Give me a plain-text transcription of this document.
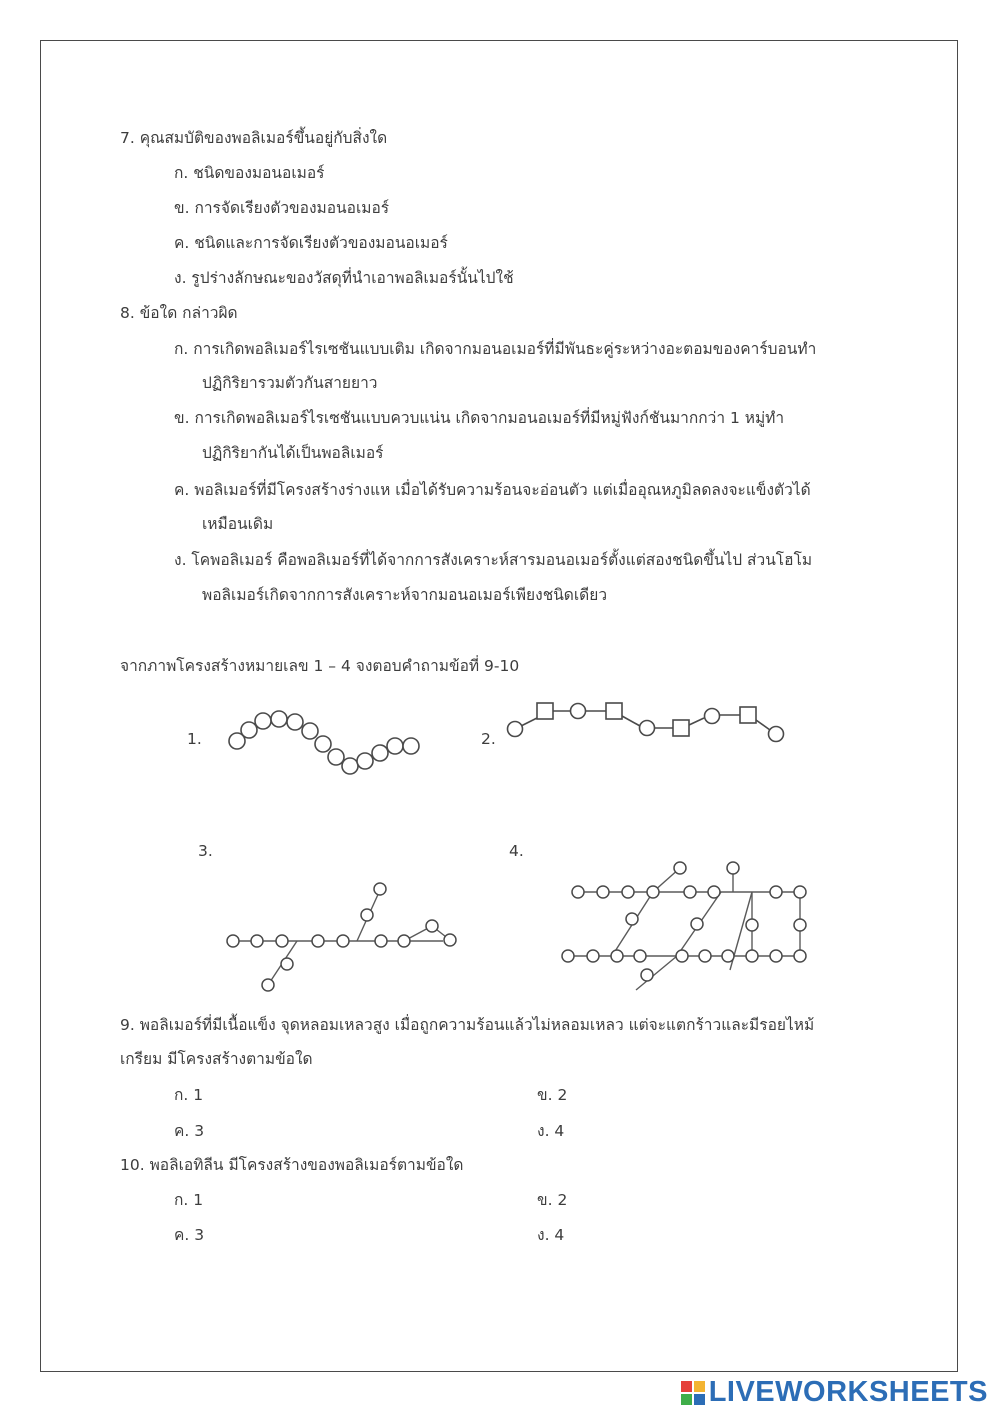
7. คุณสมบัติของพอลิเมอร์ขึ้นอยู่กับสิ่งใด
ก. ชนิดของมอนอเมอร์
ข. การจัดเรียงตัวของมอนอเมอร์
ค. ชนิดและการจัดเรียงตัวของมอนอเมอร์
ง. รูปร่างลักษณะของวัสดุที่นำเอาพอลิเมอร์นั้นไปใช้
8. ข้อใด กล่าวผิด
ก. การเกิดพอลิเมอร์ไรเซชันแบบเติม เกิดจากมอนอเมอร์ที่มีพันธะคู่ระหว่างอะตอมของคาร์บอนทำ
ปฏิกิริยารวมตัวกันสายยาว
ข. การเกิดพอลิเมอร์ไรเซชันแบบควบแน่น เกิดจากมอนอเมอร์ที่มีหมู่ฟังก์ชันมากกว่า 1 หมู่ทำ
ปฏิกิริยากันได้เป็นพอลิเมอร์
ค. พอลิเมอร์ที่มีโครงสร้างร่างแห เมื่อได้รับความร้อนจะอ่อนตัว แต่เมื่ออุณหภูมิลดลงจะแข็งตัวได้
เหมือนเดิม
ง. โคพอลิเมอร์ คือพอลิเมอร์ที่ได้จากการสังเคราะห์สารมอนอเมอร์ตั้งแต่สองชนิดขึ้นไป ส่วนโฮโม
พอลิเมอร์เกิดจากการสังเคราะห์จากมอนอเมอร์เพียงชนิดเดียว
จากภาพโครงสร้างหมายเลข 1 – 4 จงตอบคำถามข้อที่ 9-10
1.	2.
3.	4.
9. พอลิเมอร์ที่มีเนื้อแข็ง จุดหลอมเหลวสูง เมื่อถูกความร้อนแล้วไม่หลอมเหลว แต่จะแตกร้าวและมีรอยไหม้
เกรียม มีโครงสร้างตามข้อใด
ก. 1	ข. 2
ค. 3	ง. 4
10. พอลิเอทิลีน มีโครงสร้างของพอลิเมอร์ตามข้อใด
ก. 1	ข. 2
ค. 3	ง. 4
LIVEWORKSHEETS
